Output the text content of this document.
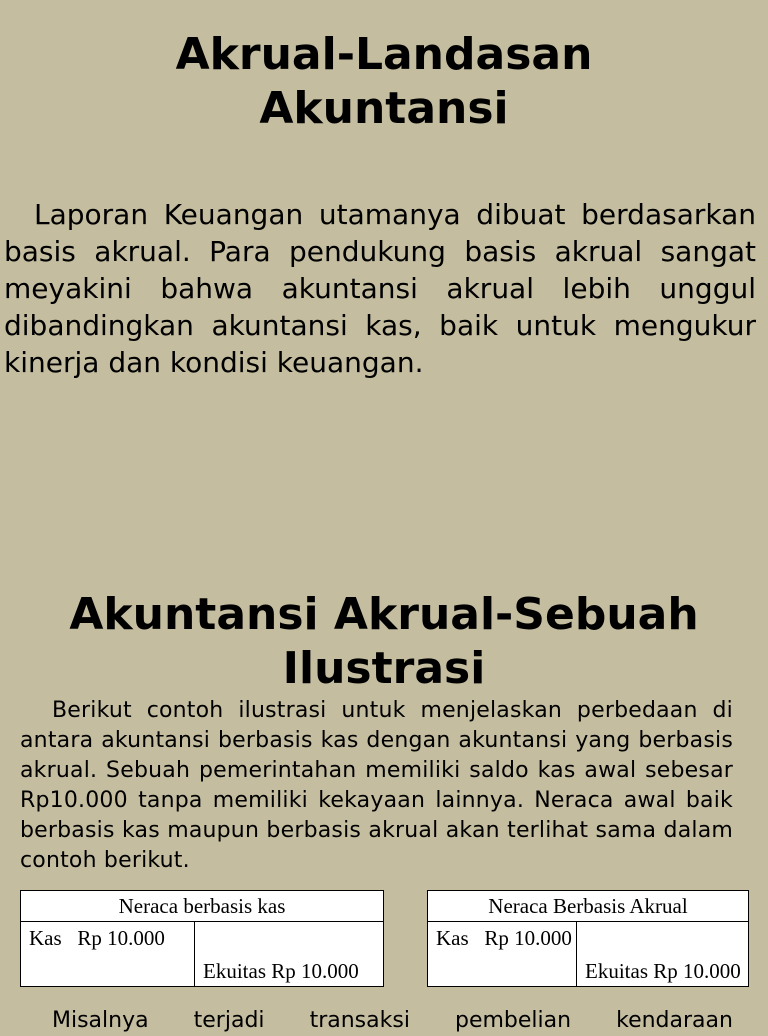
Akrual-Landasan
Akuntansi

Laporan Keuangan utamanya dibuat berdasarkan basis akrual. Para pendukung basis akrual sangat meyakini bahwa akuntansi akrual lebih unggul dibandingkan akuntansi kas, baik untuk mengukur kinerja dan kondisi keuangan.

Akuntansi Akrual-Sebuah
Ilustrasi

Berikut contoh ilustrasi untuk menjelaskan perbedaan di antara akuntansi berbasis kas dengan akuntansi yang berbasis akrual. Sebuah pemerintahan memiliki saldo kas awal sebesar Rp10.000 tanpa memiliki kekayaan lainnya. Neraca awal baik berbasis kas maupun berbasis akrual akan terlihat sama dalam contoh berikut.

Neraca berbasis kas
Kas   Rp 10.000	Ekuitas Rp 10.000
Neraca Berbasis Akrual
Kas   Rp 10.000	Ekuitas Rp 10.000

Misalnya terjadi transaksi pembelian kendaraan
